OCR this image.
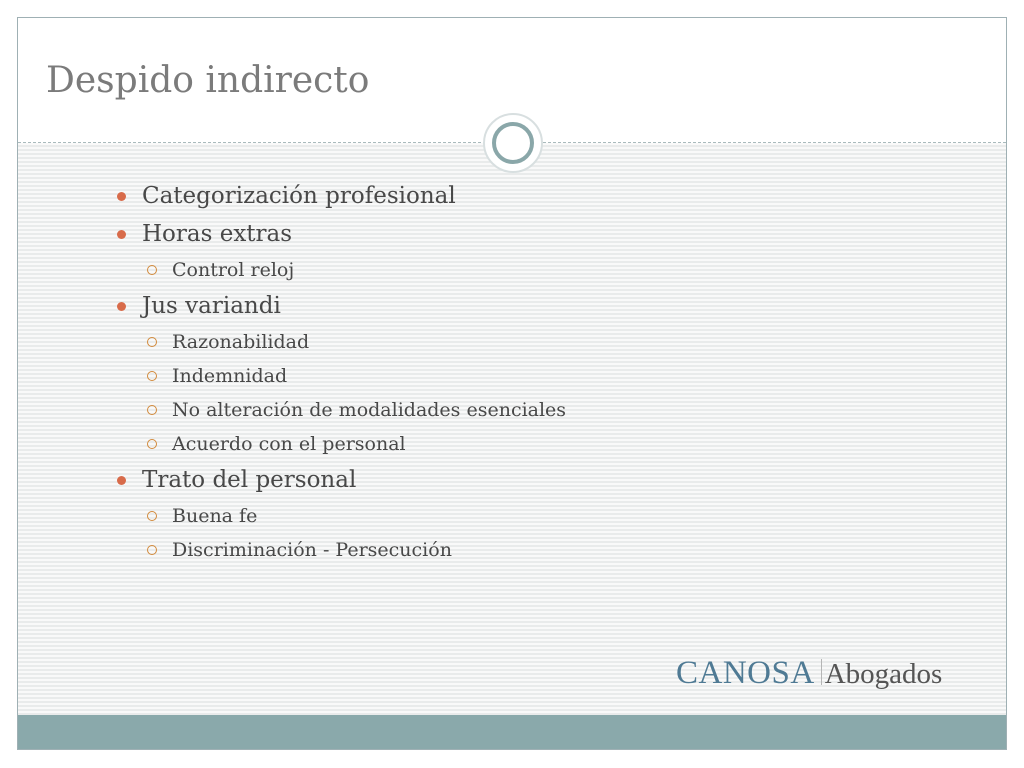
Despido indirecto
Categorización profesional
Horas extras
Control reloj
Jus variandi
Razonabilidad
Indemnidad
No alteración de modalidades esenciales
Acuerdo con el personal
Trato del personal
Buena fe
Discriminación - Persecución
CANOSA Abogados
